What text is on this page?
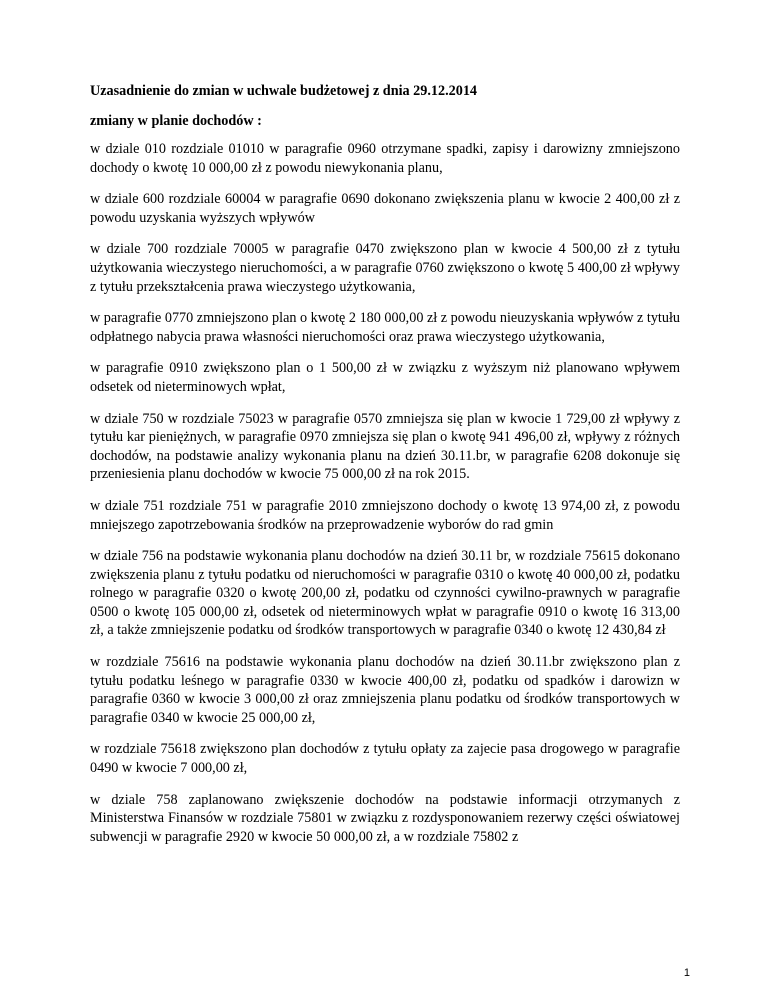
Uzasadnienie do zmian w uchwale budżetowej z dnia 29.12.2014

zmiany w planie dochodów :

w dziale 010 rozdziale 01010 w paragrafie 0960 otrzymane spadki, zapisy i darowizny zmniejszono dochody o kwotę 10 000,00 zł z powodu niewykonania planu,

w dziale 600 rozdziale 60004 w paragrafie 0690 dokonano zwiększenia planu w kwocie 2 400,00 zł z powodu uzyskania wyższych wpływów

w dziale 700 rozdziale 70005 w paragrafie 0470 zwiększono plan w kwocie 4 500,00 zł z tytułu użytkowania wieczystego nieruchomości, a w paragrafie 0760 zwiększono o kwotę 5 400,00 zł wpływy z tytułu przekształcenia prawa wieczystego użytkowania,

w paragrafie 0770 zmniejszono plan o kwotę 2 180 000,00 zł z powodu nieuzyskania wpływów z tytułu odpłatnego nabycia prawa własności nieruchomości oraz prawa wieczystego użytkowania,

w paragrafie 0910 zwiększono plan o 1 500,00 zł w związku z wyższym niż planowano wpływem odsetek od nieterminowych wpłat,

w dziale 750 w rozdziale 75023 w paragrafie 0570 zmniejsza się plan w kwocie 1 729,00 zł wpływy z tytułu kar pieniężnych, w paragrafie 0970 zmniejsza się plan o kwotę 941 496,00 zł, wpływy z różnych dochodów, na podstawie analizy wykonania planu na dzień 30.11.br, w paragrafie 6208 dokonuje się przeniesienia planu dochodów w kwocie 75 000,00 zł na rok 2015.

w dziale 751 rozdziale 751 w paragrafie 2010 zmniejszono dochody o kwotę 13 974,00 zł, z powodu mniejszego zapotrzebowania środków na przeprowadzenie wyborów do rad gmin

w dziale 756 na podstawie wykonania planu dochodów na dzień 30.11 br, w rozdziale 75615 dokonano zwiększenia planu z tytułu podatku od nieruchomości w paragrafie 0310 o kwotę 40 000,00 zł, podatku rolnego w paragrafie 0320 o kwotę 200,00 zł, podatku od czynności cywilno-prawnych w paragrafie 0500 o kwotę 105 000,00 zł, odsetek od nieterminowych wpłat w paragrafie 0910 o kwotę 16 313,00 zł, a także zmniejszenie podatku od środków transportowych w paragrafie 0340 o kwotę 12 430,84 zł

w rozdziale 75616 na podstawie wykonania planu dochodów na dzień 30.11.br zwiększono plan z tytułu podatku leśnego w paragrafie 0330 w kwocie 400,00 zł, podatku od spadków i darowizn w paragrafie 0360 w kwocie 3 000,00 zł oraz zmniejszenia planu podatku od środków transportowych w paragrafie 0340 w kwocie 25 000,00 zł,

w rozdziale 75618 zwiększono plan dochodów z tytułu opłaty za zajecie pasa drogowego w paragrafie 0490 w kwocie 7 000,00 zł,

w dziale 758 zaplanowano zwiększenie dochodów na podstawie informacji otrzymanych z Ministerstwa Finansów w rozdziale 75801 w związku z rozdysponowaniem rezerwy części oświatowej subwencji w paragrafie 2920 w kwocie 50 000,00 zł, a w rozdziale 75802 z

1
